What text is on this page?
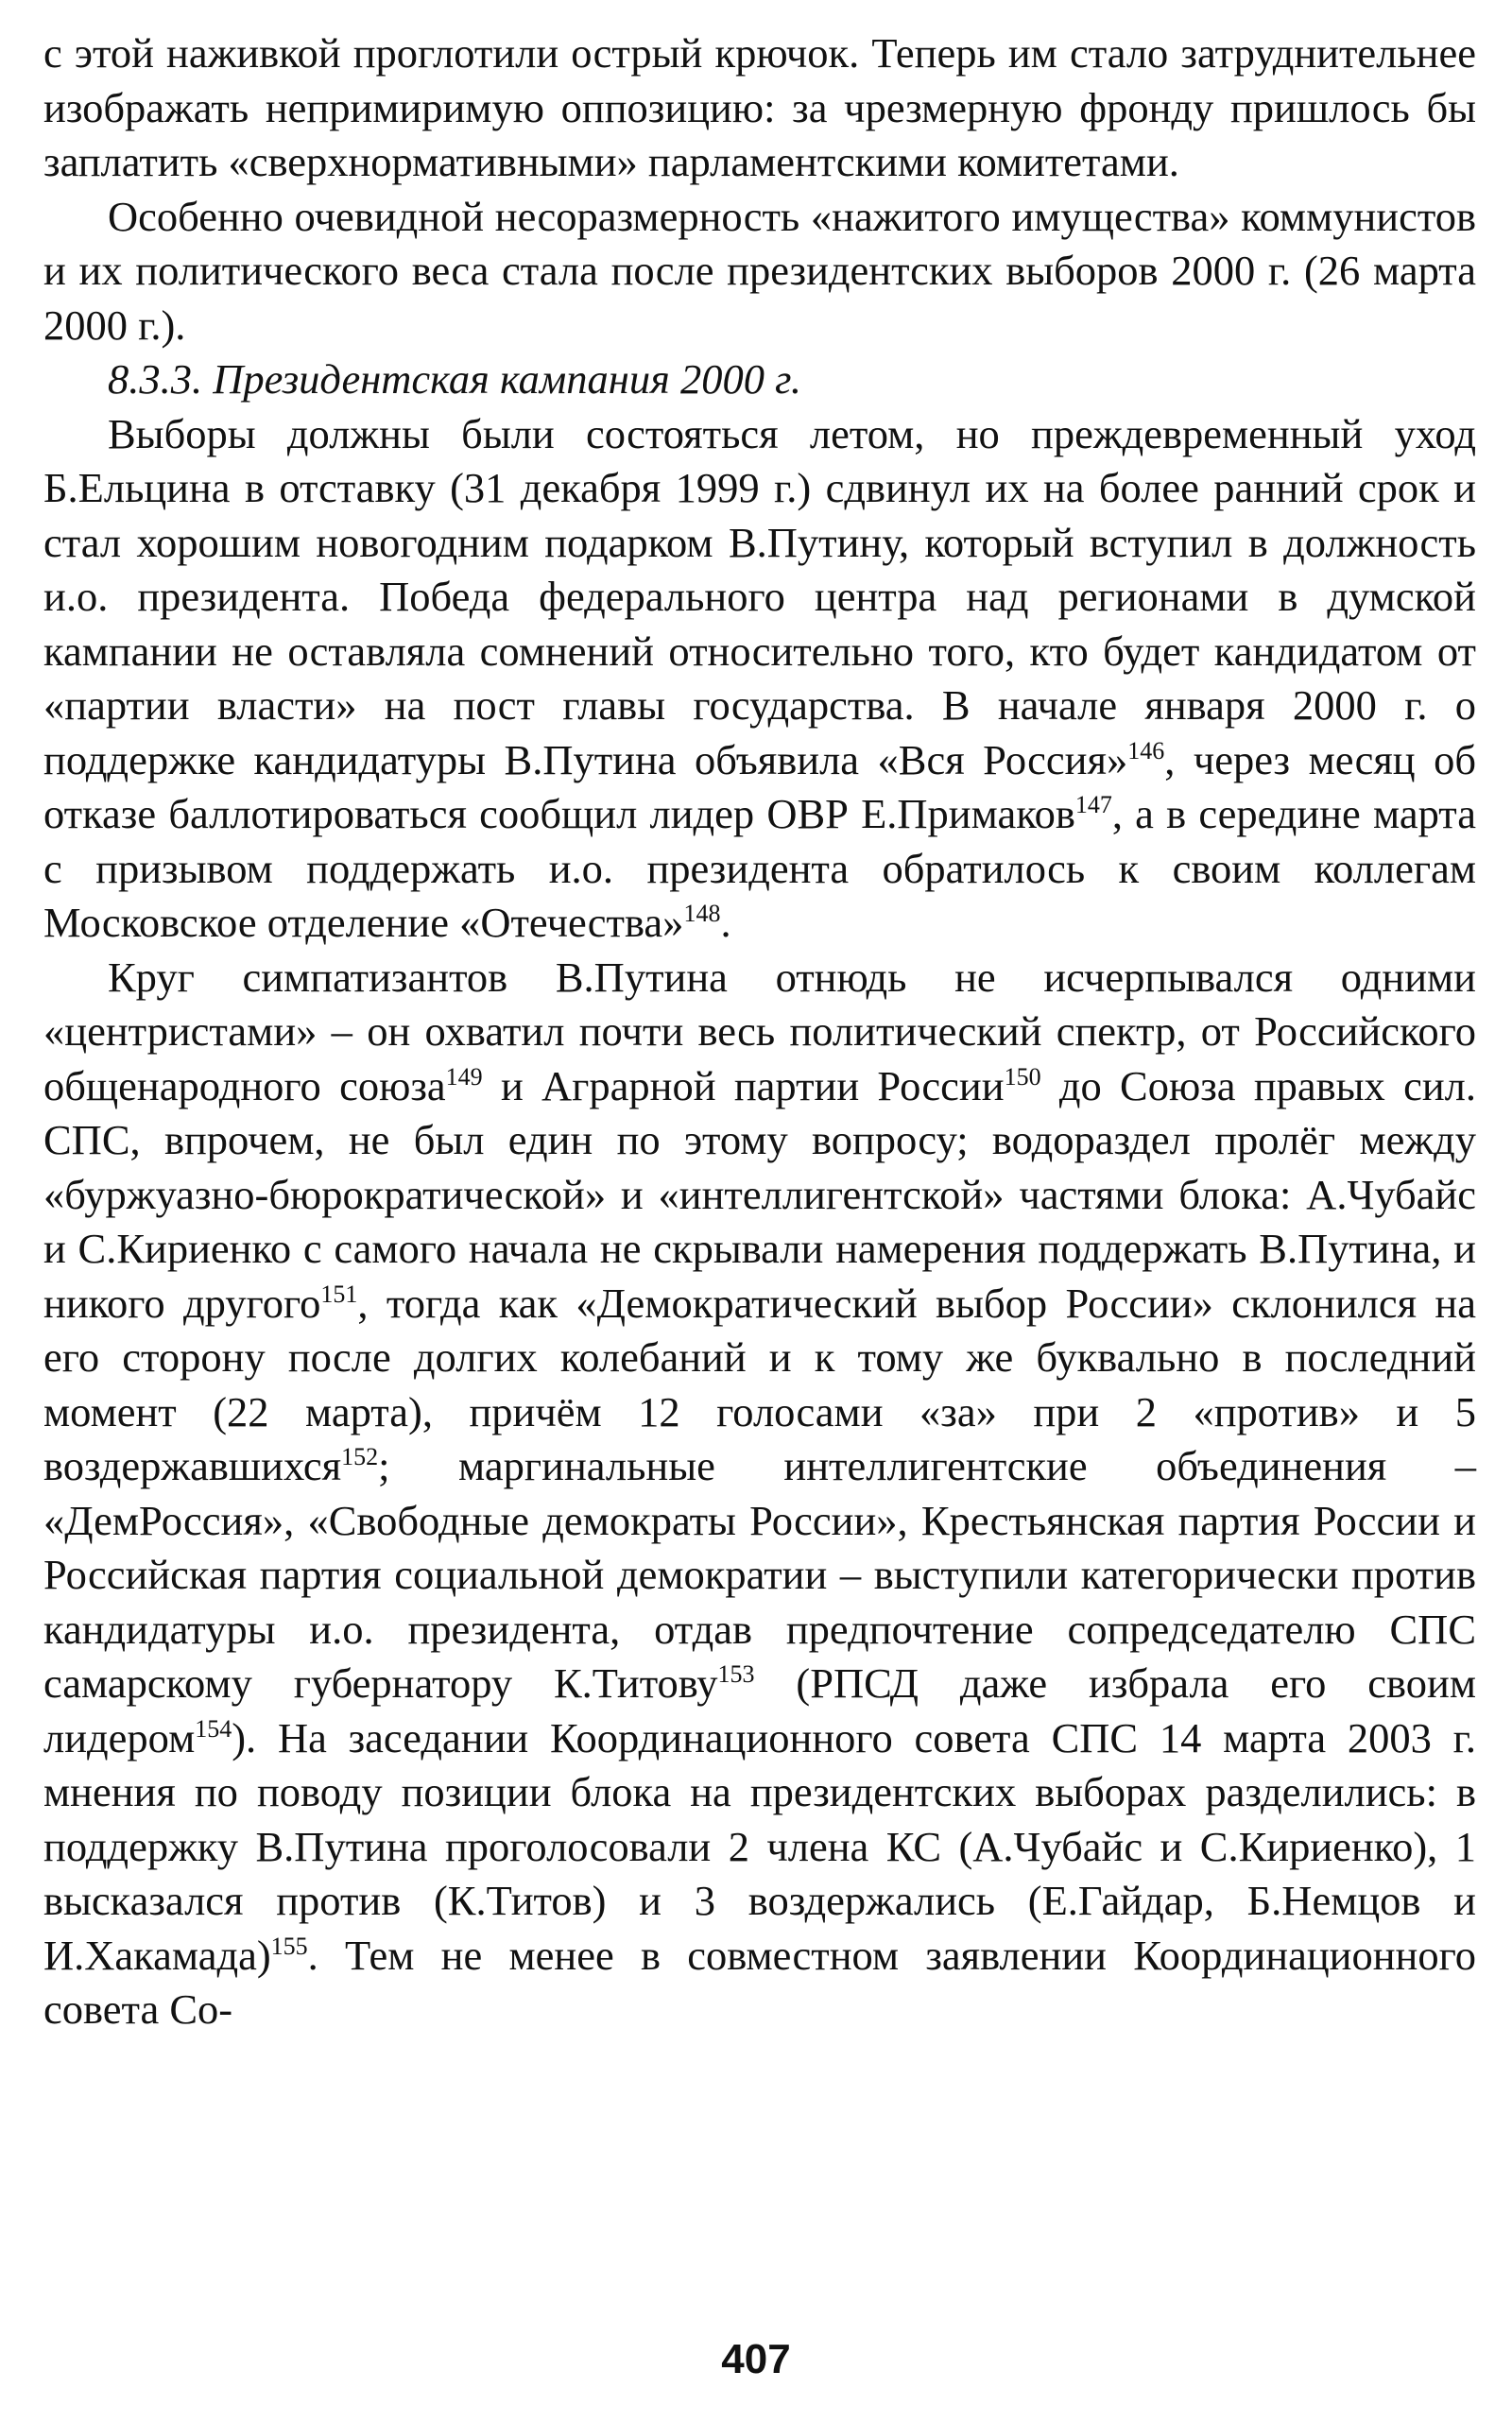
с этой наживкой проглотили острый крючок. Теперь им стало затруднительнее изображать непримиримую оппозицию: за чрезмерную фронду пришлось бы заплатить «сверхнормативными» парламентскими комитетами.

Особенно очевидной несоразмерность «нажитого имущества» коммунистов и их политического веса стала после президентских выборов 2000 г. (26 марта 2000 г.).

8.3.3. Президентская кампания 2000 г.

Выборы должны были состояться летом, но преждевременный уход Б.Ельцина в отставку (31 декабря 1999 г.) сдвинул их на более ранний срок и стал хорошим новогодним подарком В.Путину, который вступил в должность и.о. президента. Победа федерального центра над регионами в думской кампании не оставляла сомнений относительно того, кто будет кандидатом от «партии власти» на пост главы государства. В начале января 2000 г. о поддержке кандидатуры В.Путина объявила «Вся Россия»$^{146}$, через месяц об отказе баллотироваться сообщил лидер ОВР Е.Примаков$^{147}$, а в середине марта с призывом поддержать и.о. президента обратилось к своим коллегам Московское отделение «Отечества»$^{148}$.

Круг симпатизантов В.Путина отнюдь не исчерпывался одними «центристами» – он охватил почти весь политический спектр, от Российского общенародного союза$^{149}$ и Аграрной партии России$^{150}$ до Союза правых сил. СПС, впрочем, не был един по этому вопросу; водораздел пролёг между «буржуазно-бюрократической» и «интеллигентской» частями блока: А.Чубайс и С.Кириенко с самого начала не скрывали намерения поддержать В.Путина, и никого другого$^{151}$, тогда как «Демократический выбор России» склонился на его сторону после долгих колебаний и к тому же буквально в последний момент (22 марта), причём 12 голосами «за» при 2 «против» и 5 воздержавшихся$^{152}$; маргинальные интеллигентские объединения – «ДемРоссия», «Свободные демократы России», Крестьянская партия России и Российская партия социальной демократии – выступили категорически против кандидатуры и.о. президента, отдав предпочтение сопредседателю СПС самарскому губернатору К.Титову$^{153}$ (РПСД даже избрала его своим лидером$^{154}$). На заседании Координационного совета СПС 14 марта 2003 г. мнения по поводу позиции блока на президентских выборах разделились: в поддержку В.Путина проголосовали 2 члена КС (А.Чубайс и С.Кириенко), 1 высказался против (К.Титов) и 3 воздержались (Е.Гайдар, Б.Немцов и И.Хакамада)$^{155}$. Тем не менее в совместном заявлении Координационного совета Со-

407
